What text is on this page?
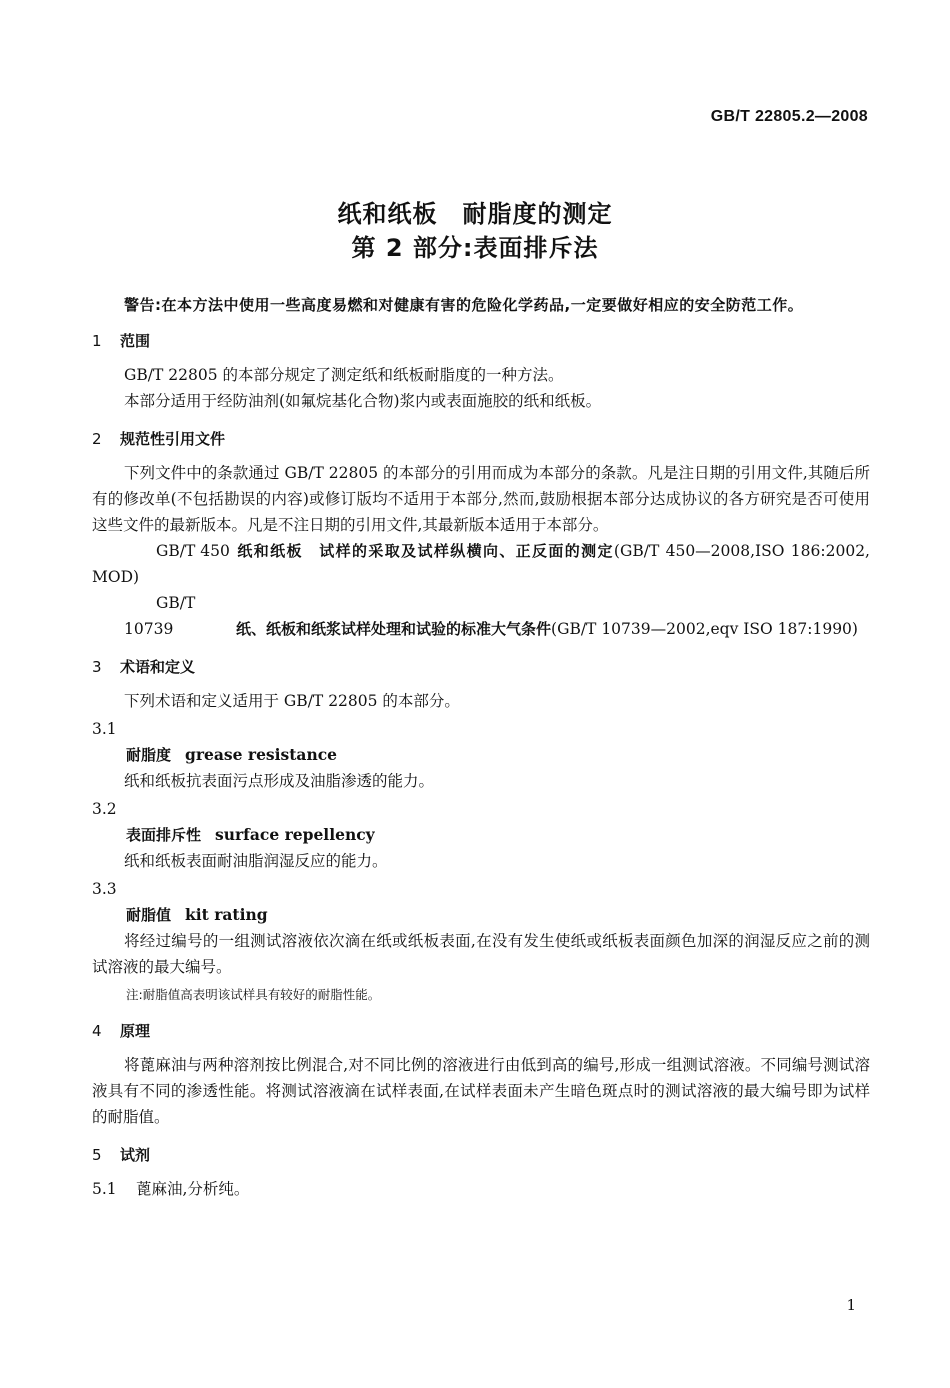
GB/T 22805.2—2008
纸和纸板　耐脂度的测定
第 2 部分:表面排斥法

警告:在本方法中使用一些高度易燃和对健康有害的危险化学药品,一定要做好相应的安全防范工作。

1 范围

GB/T 22805 的本部分规定了测定纸和纸板耐脂度的一种方法。

本部分适用于经防油剂(如氟烷基化合物)浆内或表面施胶的纸和纸板。

2 规范性引用文件

下列文件中的条款通过 GB/T 22805 的本部分的引用而成为本部分的条款。凡是注日期的引用文件,其随后所有的修改单(不包括勘误的内容)或修订版均不适用于本部分,然而,鼓励根据本部分达成协议的各方研究是否可使用这些文件的最新版本。凡是不注日期的引用文件,其最新版本适用于本部分。

GB/T 450 纸和纸板　试样的采取及试样纵横向、正反面的测定(GB/T 450—2008,ISO 186:2002, MOD)

GB/T 10739	纸、纸板和纸浆试样处理和试验的标准大气条件(GB/T 10739—2002,eqv ISO 187:1990)

3 术语和定义

下列术语和定义适用于 GB/T 22805 的本部分。

3.1
耐脂度 grease resistance

纸和纸板抗表面污点形成及油脂渗透的能力。

3.2
表面排斥性 surface repellency

纸和纸板表面耐油脂润湿反应的能力。

3.3
耐脂值 kit rating

将经过编号的一组测试溶液依次滴在纸或纸板表面,在没有发生使纸或纸板表面颜色加深的润湿反应之前的测试溶液的最大编号。

注:耐脂值高表明该试样具有较好的耐脂性能。
4 原理

将蓖麻油与两种溶剂按比例混合,对不同比例的溶液进行由低到高的编号,形成一组测试溶液。不同编号测试溶液具有不同的渗透性能。将测试溶液滴在试样表面,在试样表面未产生暗色斑点时的测试溶液的最大编号即为试样的耐脂值。

5 试剂
5.1 蓖麻油,分析纯。
1
